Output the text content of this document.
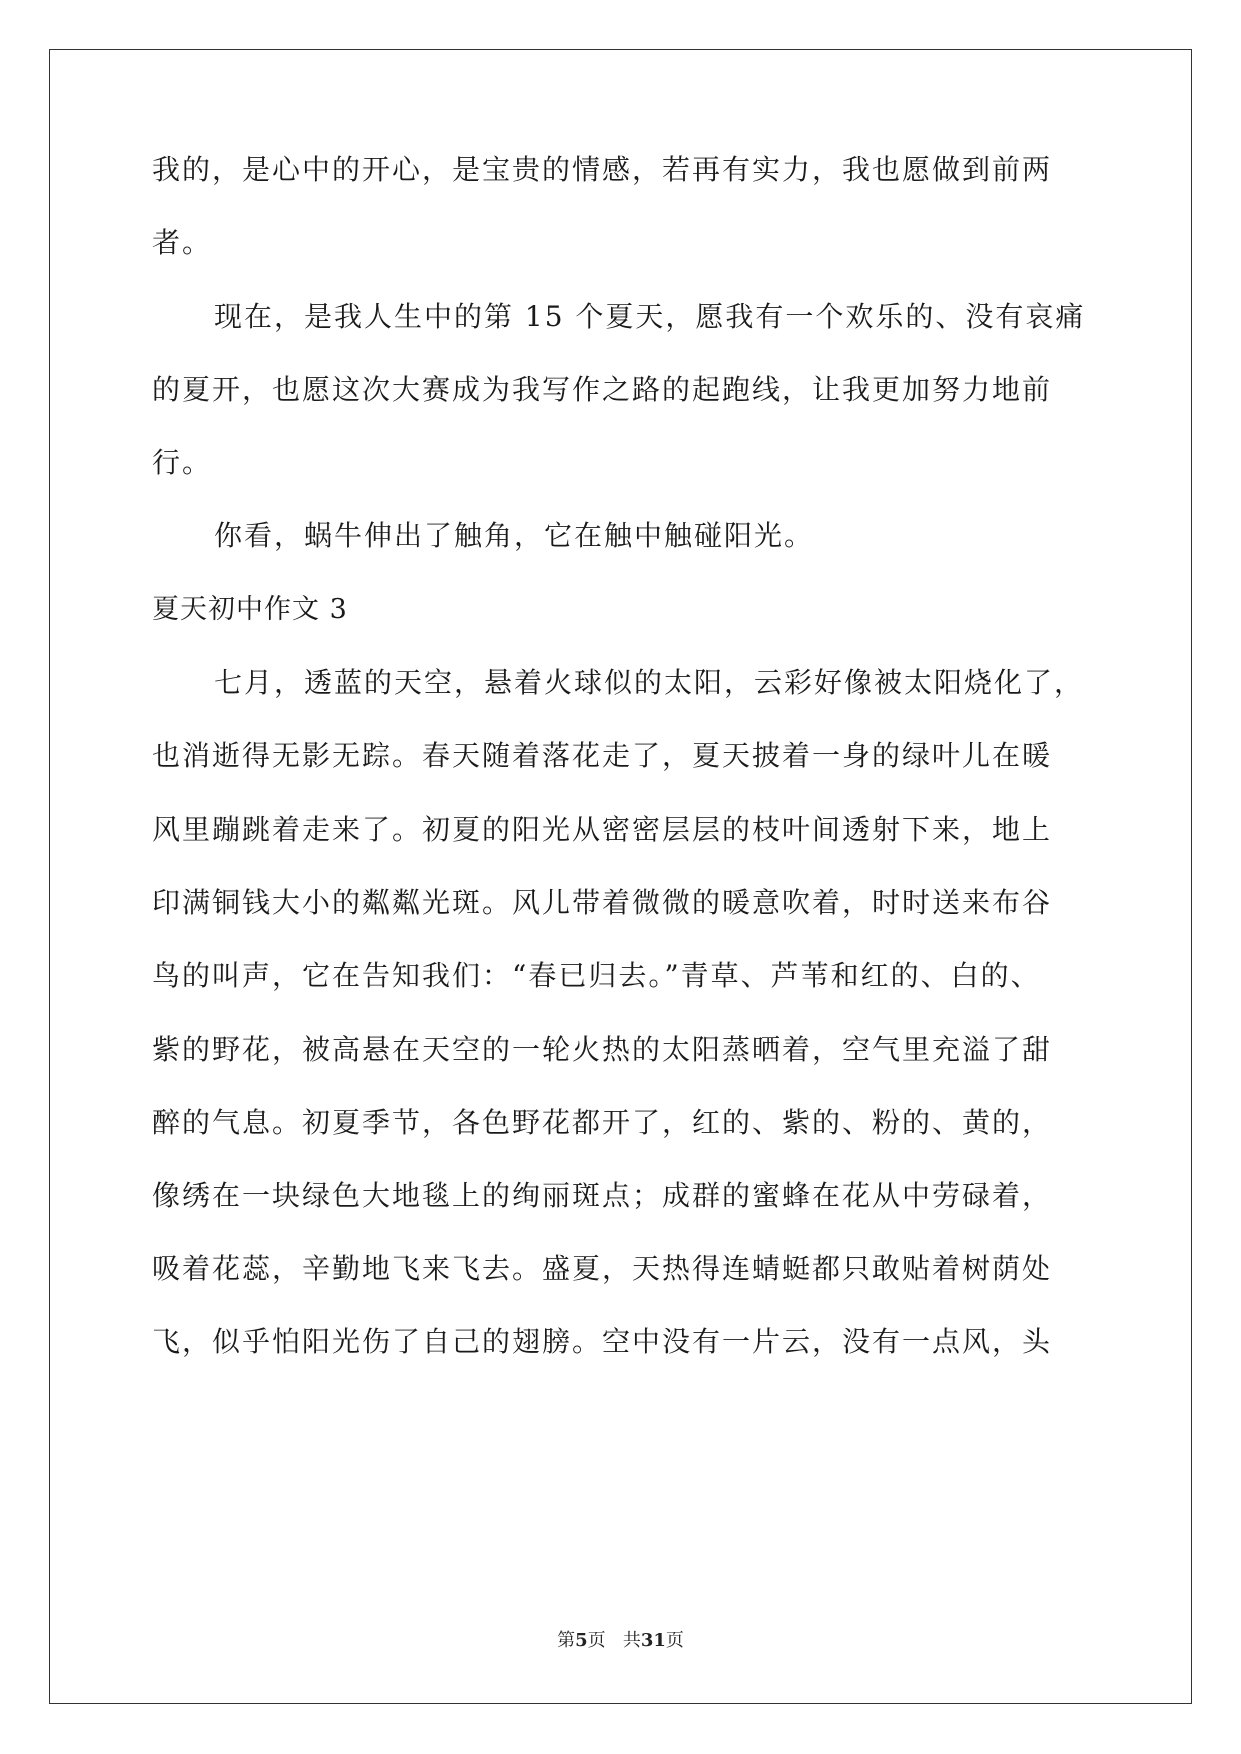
我的，是心中的开心，是宝贵的情感，若再有实力，我也愿做到前两
者。
现在，是我人生中的第 15 个夏天，愿我有一个欢乐的、没有哀痛
的夏开，也愿这次大赛成为我写作之路的起跑线，让我更加努力地前
行。
你看，蜗牛伸出了触角，它在触中触碰阳光。
夏天初中作文 3
七月，透蓝的天空，悬着火球似的太阳，云彩好像被太阳烧化了，
也消逝得无影无踪。春天随着落花走了，夏天披着一身的绿叶儿在暖
风里蹦跳着走来了。初夏的阳光从密密层层的枝叶间透射下来，地上
印满铜钱大小的粼粼光斑。风儿带着微微的暖意吹着，时时送来布谷
鸟的叫声，它在告知我们：“春已归去。”青草、芦苇和红的、白的、
紫的野花，被高悬在天空的一轮火热的太阳蒸晒着，空气里充溢了甜
醉的气息。初夏季节，各色野花都开了，红的、紫的、粉的、黄的，
像绣在一块绿色大地毯上的绚丽斑点；成群的蜜蜂在花从中劳碌着，
吸着花蕊，辛勤地飞来飞去。盛夏，天热得连蜻蜓都只敢贴着树荫处
飞，似乎怕阳光伤了自己的翅膀。空中没有一片云，没有一点风，头
第5页 共31页
